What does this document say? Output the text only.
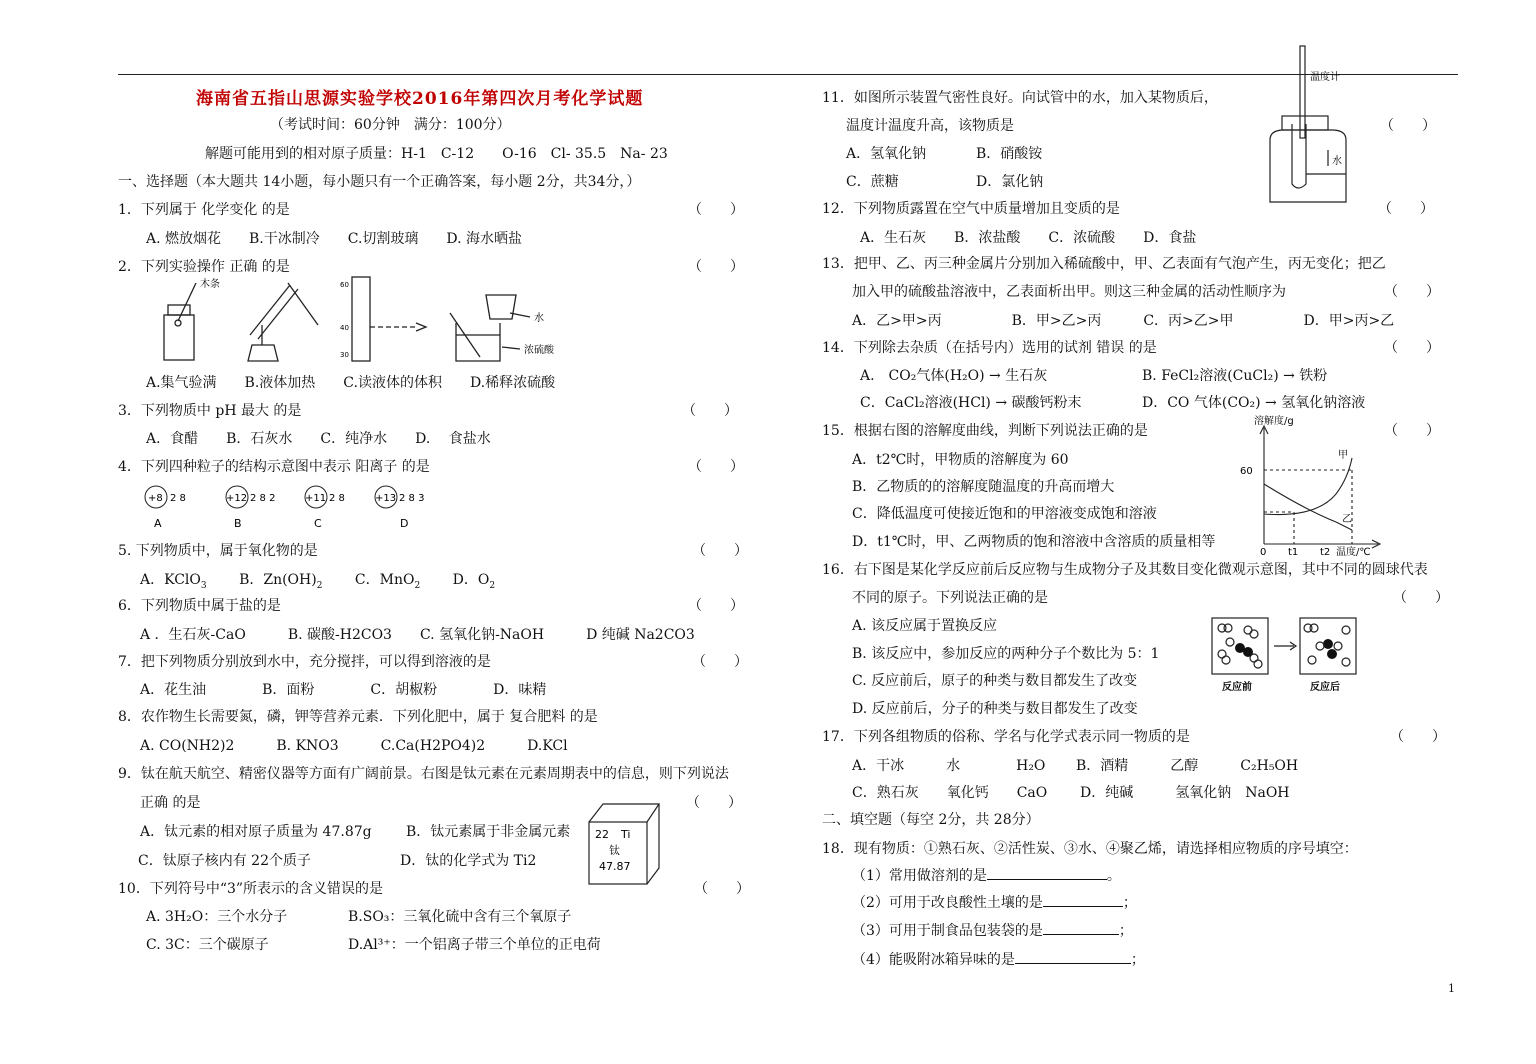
海南省五指山思源实验学校2016年第四次月考化学试题
（考试时间：60分钟　满分：100分）
解题可能用到的相对原子质量：H-1　C-12　　O-16　Cl- 35.5　Na- 23
一、选择题（本大题共 14小题，每小题只有一个正确答案，每小题 2分，共34分，）
1．下列属于 化学变化 的是	（　　）
A. 燃放烟花　　B.干冰制冷　　C.切割玻璃　　D. 海水晒盐
2．下列实验操作 正确 的是	（　　）
木条	60
40
30
水
浓硫酸
A.集气验满　　B.液体加热　　C.读液体的体积　　D.稀释浓硫酸
3．下列物质中 pH 最大 的是	（　　）
A．食醋　　B．石灰水　　C．纯净水　　D. 　食盐水
4．下列四种粒子的结构示意图中表示 阳离子 的是	（　　）
+8 2 8
A
+12 2 8 2
B
+11 2 8
C
+13 2 8 3
D
5. 下列物质中，属于氧化物的是	（　　）
A．KClO$_3$ B．$Zn(OH)_2$ C．MnO$_2$ D．$O_2$
6．下列物质中属于盐的是	（　　）
A ．生石灰-CaO　　　B. 碳酸-H2CO3　　C. 氢氧化钠-NaOH　　　D 纯碱 Na2CO3
7．把下列物质分别放到水中，充分搅拌，可以得到溶液的是	（　　）
A．花生油　　　　B．面粉　　　　C．胡椒粉　　　　D．味精
8．农作物生长需要氮，磷，钾等营养元素．下列化肥中，属于 复合肥料 的是
A. CO(NH2)2　　　B. KNO3　　　C.Ca(H2PO4)2　　　D.KCl
9．钛在航天航空、精密仪器等方面有广阔前景。右图是钛元素在元素周期表中的信息，则下列说法
正确 的是	（　　）
A．钛元素的相对原子质量为 47.87g B．钛元素属于非金属元素
C．钛原子核内有 22个质子	D．钛的化学式为 Ti2
22 Ti
钛
47.87
10．下列符号中“3”所表示的含义错误的是	（　　）
A. 3H₂O：三个水分子	B.SO₃：三氧化硫中含有三个氧原子
C. 3C：三个碳原子	D.Al³⁺：一个铝离子带三个单位的正电荷
11．如图所示装置气密性良好。向试管中的水，加入某物质后，
温度计温度升高，该物质是	（　　）
A．氢氧化钠	B．硝酸铵
C．蔗糖	D．氯化钠
温度计
水
12．下列物质露置在空气中质量增加且变质的是	（　　）
A．生石灰　　B．浓盐酸　　C．浓硫酸　　D．食盐
13．把甲、乙、丙三种金属片分别加入稀硫酸中，甲、乙表面有气泡产生，丙无变化；把乙
加入甲的硫酸盐溶液中，乙表面析出甲。则这三种金属的活动性顺序为	（　　）
A．乙>甲>丙　　　　　B．甲>乙>丙　　　C．丙>乙>甲　　　　　D．甲>丙>乙
14．下列除去杂质（在括号内）选用的试剂 错误 的是	（　　）
A.　CO₂气体(H₂O) → 生石灰	B. FeCl₂溶液(CuCl₂) → 铁粉
C．CaCl₂溶液(HCl) → 碳酸钙粉末	D．CO 气体(CO₂) → 氢氧化钠溶液
15．根据右图的溶解度曲线，判断下列说法正确的是	（　　）
A．t2℃时，甲物质的溶解度为 60
B．乙物质的的溶解度随温度的升高而增大
C．降低温度可使接近饱和的甲溶液变成饱和溶液
D．t1℃时，甲、乙两物质的饱和溶液中含溶质的质量相等
溶解度/g
60
0 t1 t2 温度/℃
甲
乙
16．右下图是某化学反应前后反应物与生成物分子及其数目变化微观示意图，其中不同的圆球代表
不同的原子。下列说法正确的是	（　　）
A. 该反应属于置换反应
B. 该反应中，参加反应的两种分子个数比为 5：1
C. 反应前后，原子的种类与数目都发生了改变
D. 反应前后，分子的种类与数目都发生了改变
反应前	反应后
17．下列各组物质的俗称、学名与化学式表示同一物质的是	（　　）
A．干冰　　　水　　　　H₂O B．酒精　　　乙醇　　　C₂H₅OH
C．熟石灰　　氧化钙　　CaO D．纯碱　　　氢氧化钠　NaOH
二、填空题（每空 2分，共 28分）
18．现有物质：①熟石灰、②活性炭、③水、④聚乙烯，请选择相应物质的序号填空：
（1）常用做溶剂的是	。
（2）可用于改良酸性土壤的是	；
（3）可用于制食品包装袋的是	；
（4）能吸附冰箱异味的是	；
1
